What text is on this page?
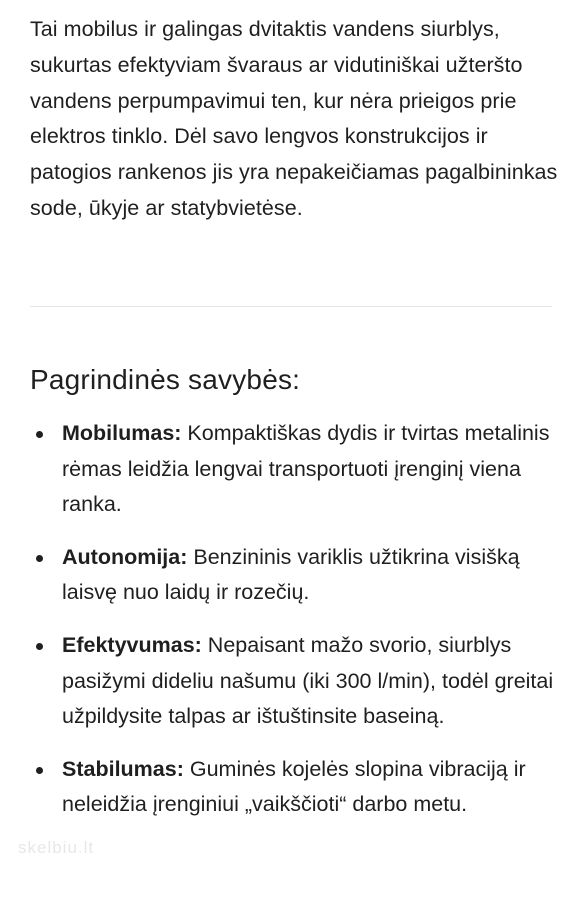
Tai mobilus ir galingas dvitaktis vandens siurblys, sukurtas efektyviam švaraus ar vidutiniškai užteršto vandens perpumpavimui ten, kur nėra prieigos prie elektros tinklo. Dėl savo lengvos konstrukcijos ir patogios rankenos jis yra nepakeičiamas pagalbininkas sode, ūkyje ar statybvietėse.

Pagrindinės savybės:
Mobilumas: Kompaktiškas dydis ir tvirtas metalinis rėmas leidžia lengvai transportuoti įrenginį viena ranka.
Autonomija: Benzininis variklis užtikrina visišką laisvę nuo laidų ir rozečių.
Efektyvumas: Nepaisant mažo svorio, siurblys pasižymi dideliu našumu (iki 300 l/min), todėl greitai užpildysite talpas ar ištuštinsite baseiną.
Stabilumas: Guminės kojelės slopina vibraciją ir neleidžia įrenginiui „vaikščioti“ darbo metu.
skelbiu.lt
